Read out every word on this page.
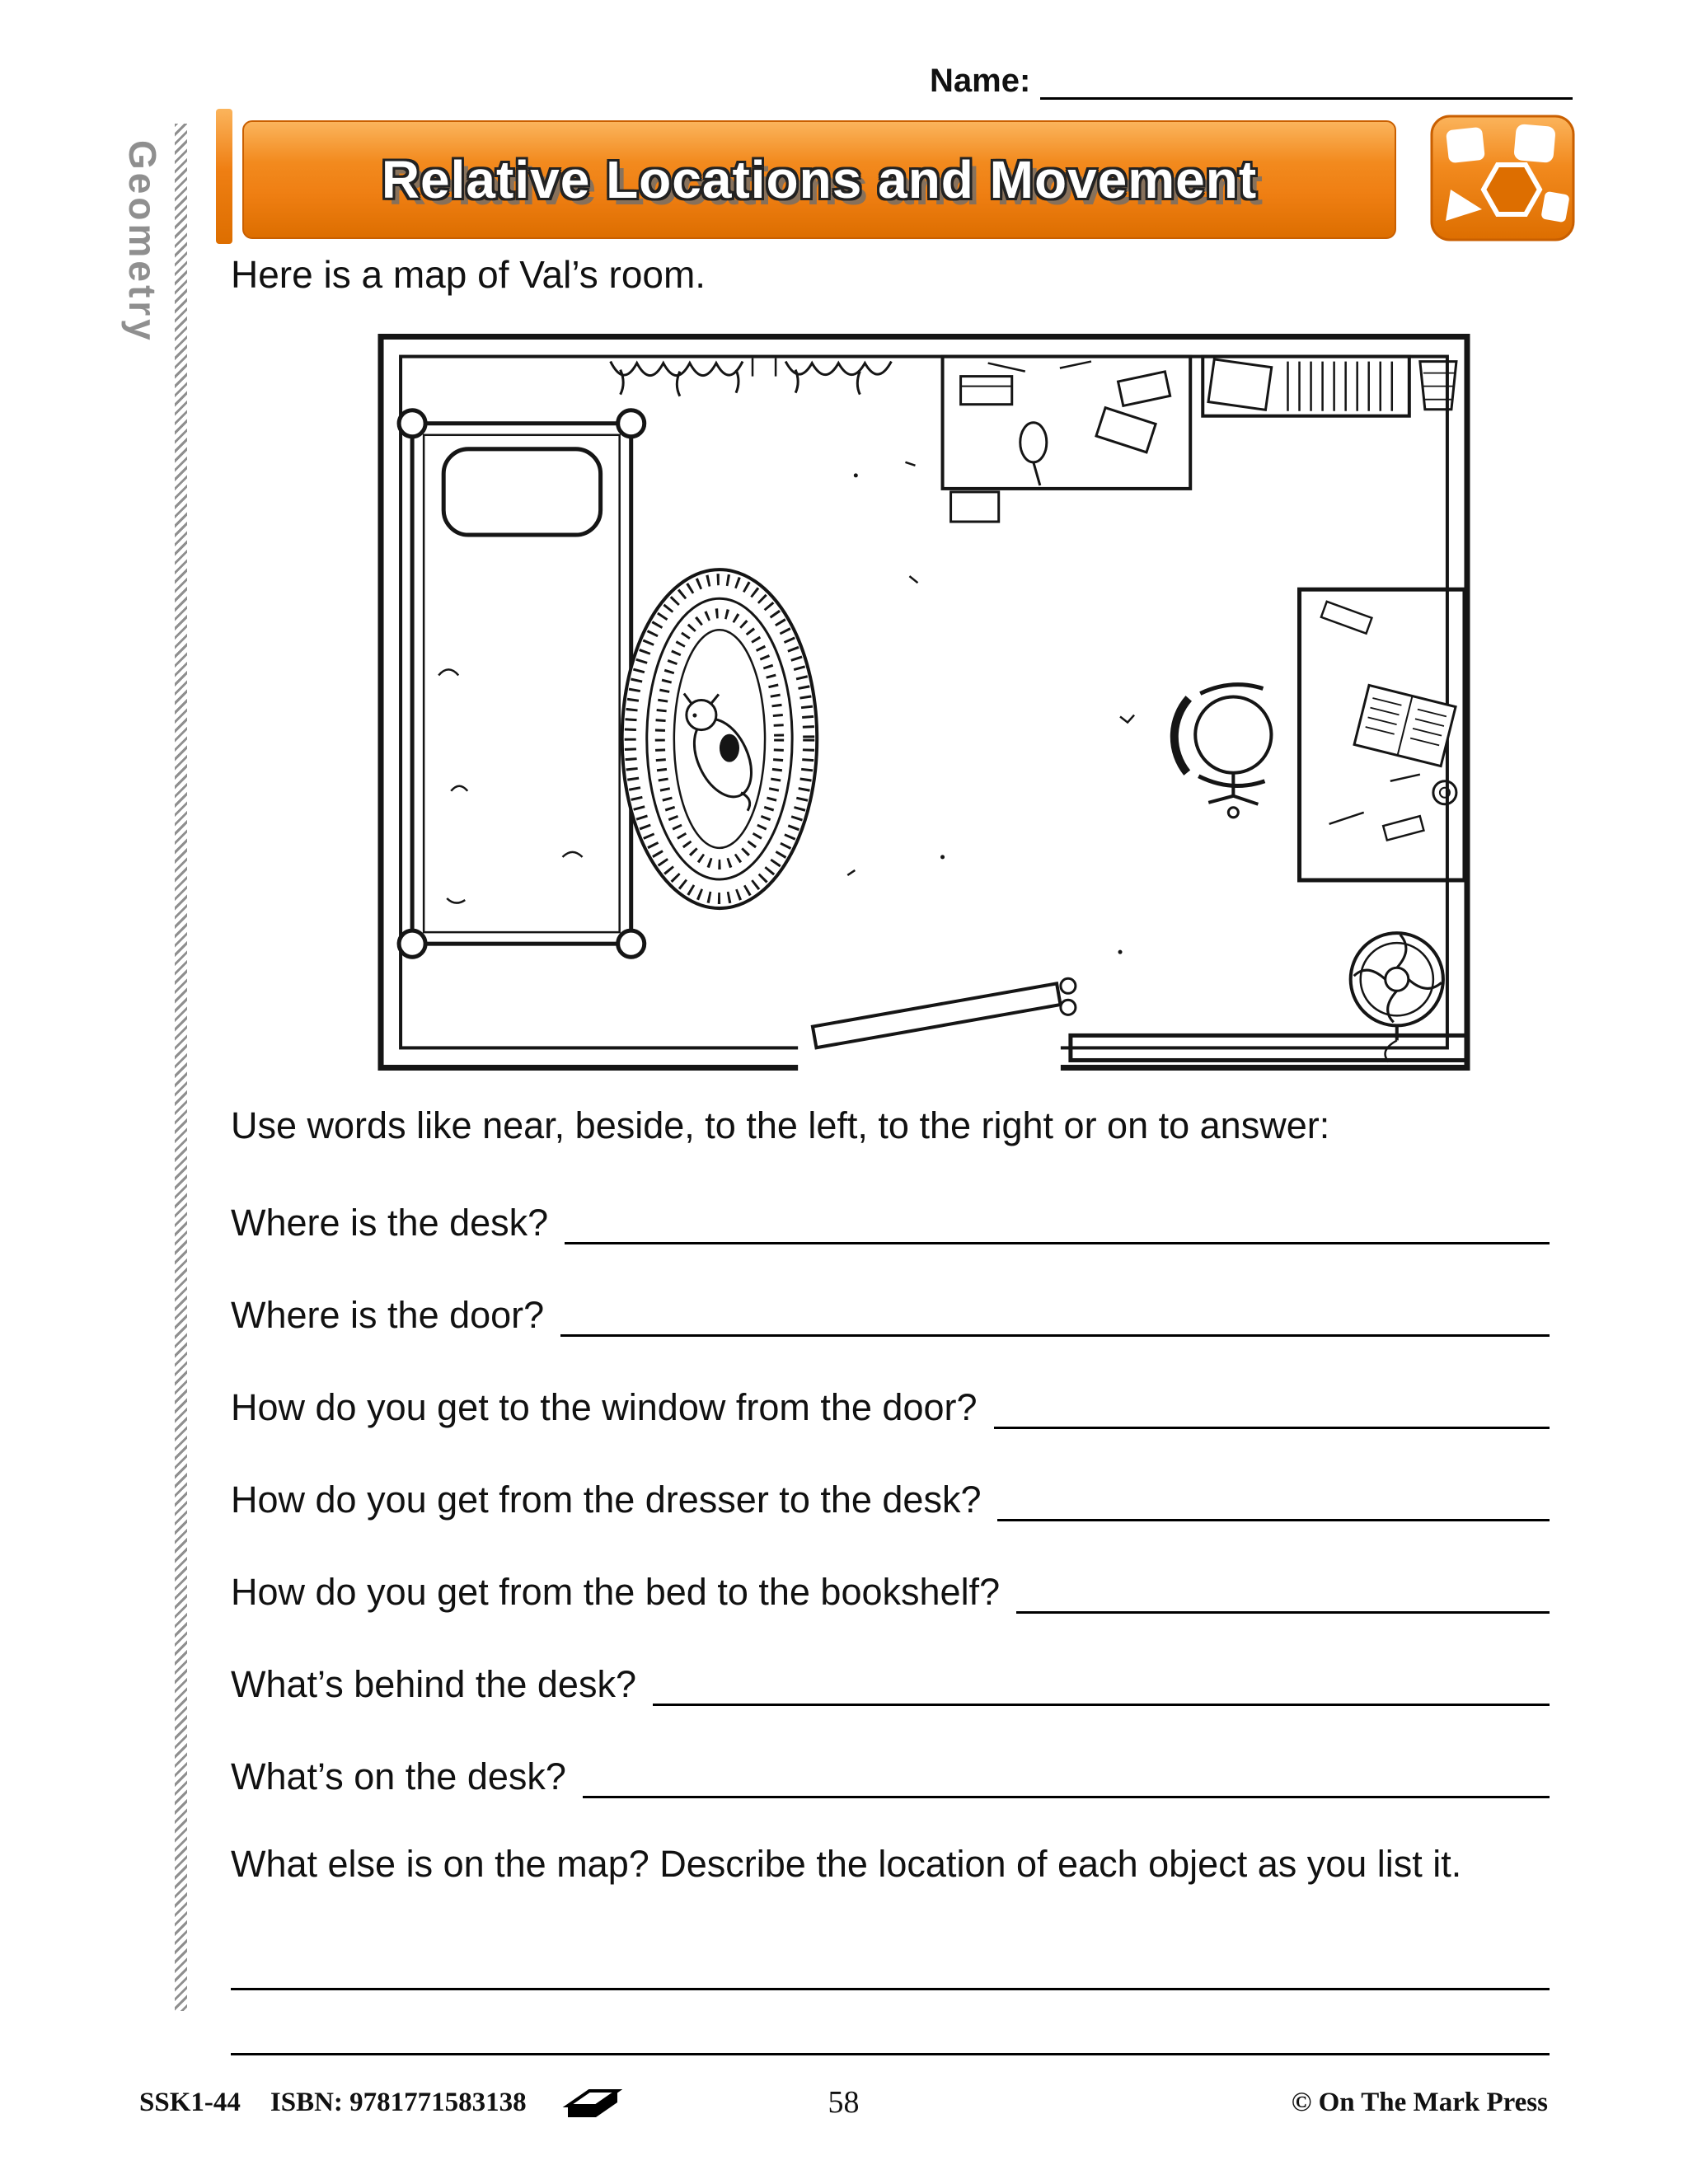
Geometry
Name:
Relative Locations and Movement
Here is a map of Val’s room.
Use words like near, beside, to the left, to the right or on to answer:
Where is the desk?
Where is the door?
How do you get to the window from the door?
How do you get from the dresser to the desk?
How do you get from the bed to the bookshelf?
What’s behind the desk?
What’s on the desk?
What else is on the map? Describe the location of each object as you list it.
SSK1-44 ISBN: 9781771583138	58	© On The Mark Press
